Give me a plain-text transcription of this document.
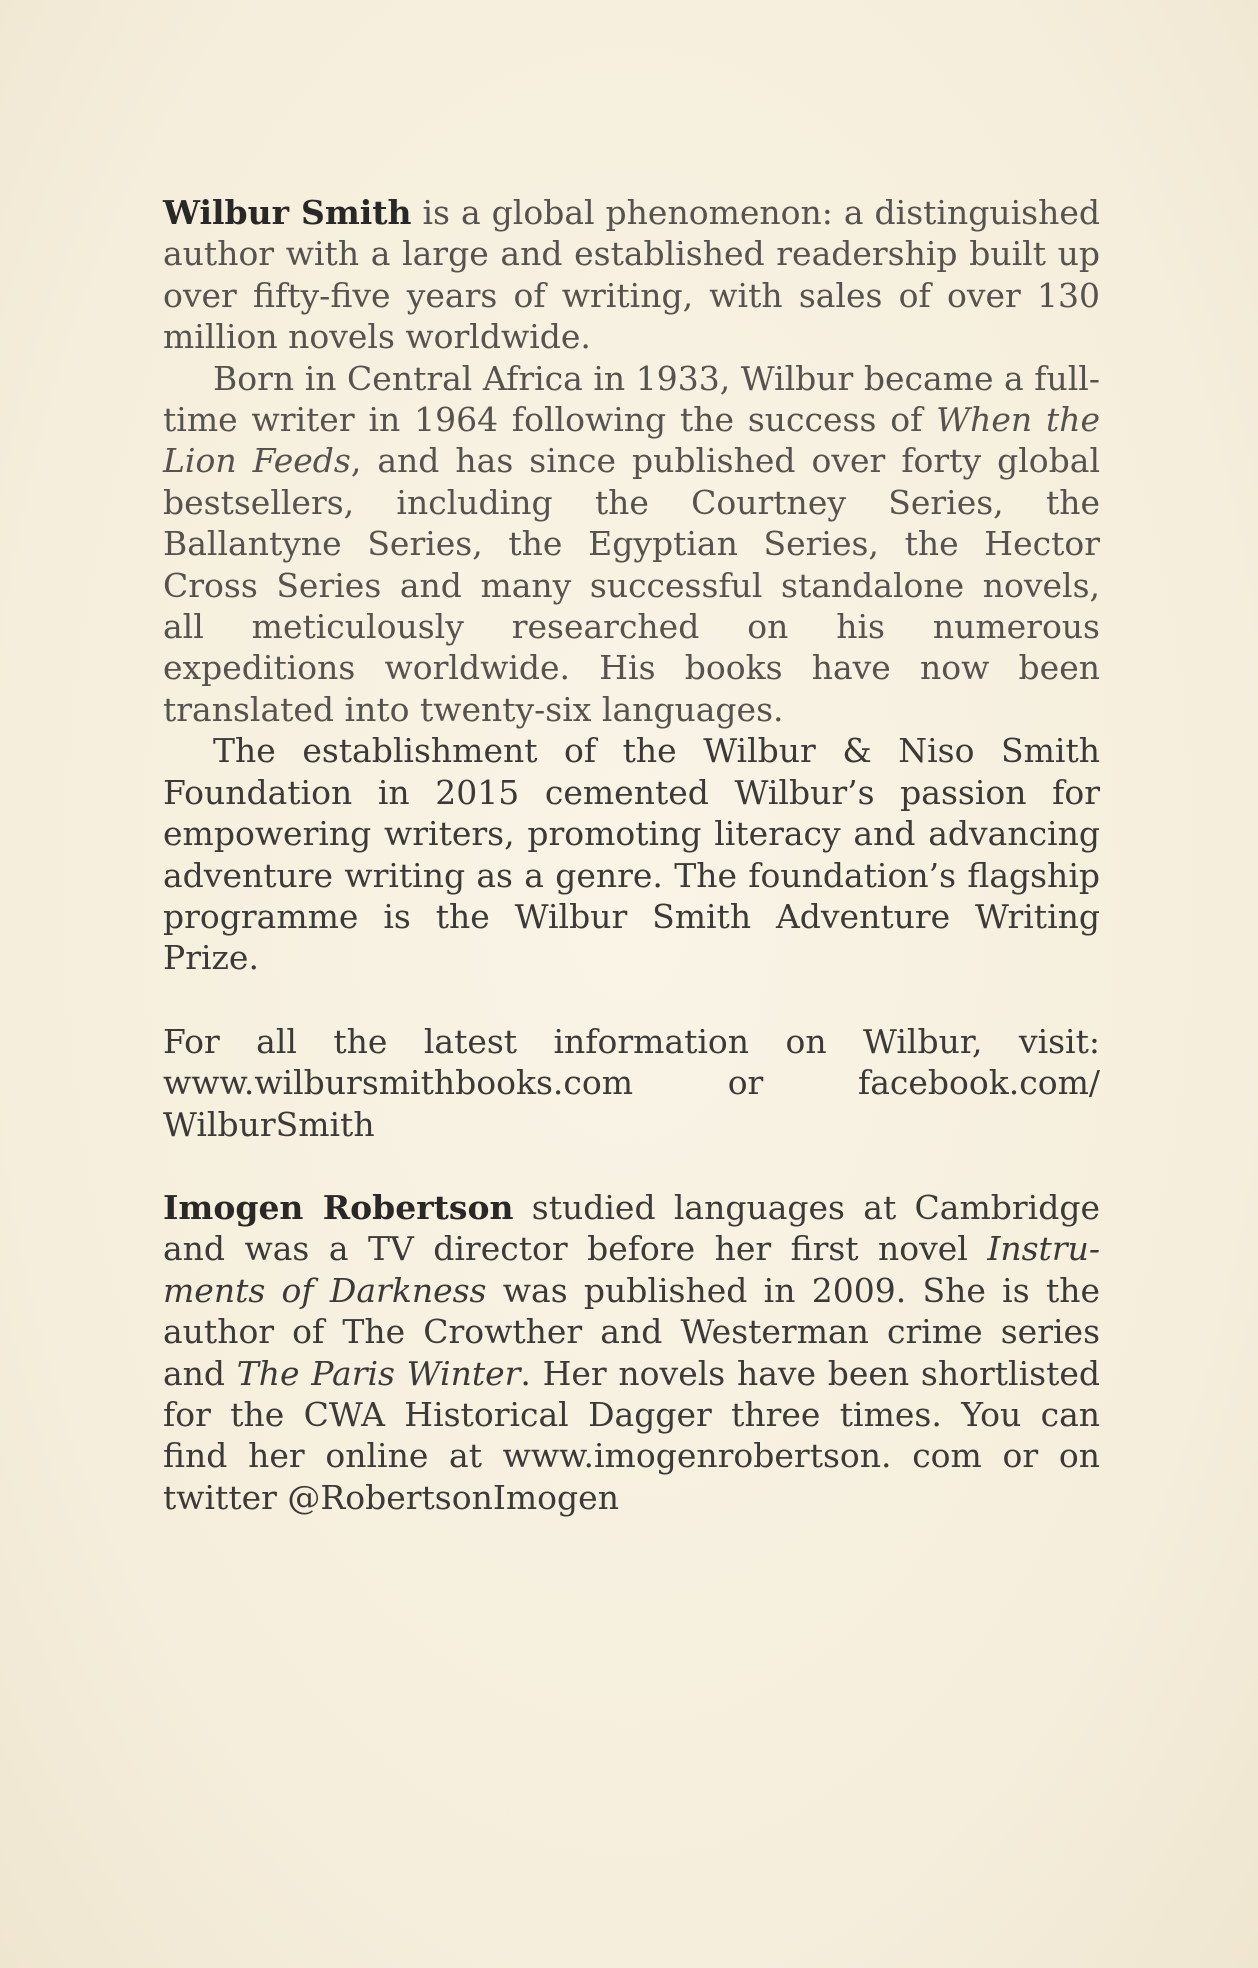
Wilbur Smith is a global phenomenon: a distinguished author with a large and established readership built up over fifty-five years of writing, with sales of over 130 million novels worldwide.

Born in Central Africa in 1933, Wilbur became a full-time writer in 1964 following the success of When the Lion Feeds, and has since published over forty global bestsellers, including the Courtney Series, the Ballantyne Series, the Egyptian Series, the Hector Cross Series and many successful standalone novels, all meticulously researched on his numerous expeditions worldwide. His books have now been translated into twenty-six languages.

The establishment of the Wilbur & Niso Smith Foundation in 2015 cemented Wilbur’s passion for empowering writers, promoting literacy and advancing adventure writing as a genre. The foundation’s flagship programme is the Wilbur Smith Adventure Writing Prize.

For all the latest information on Wilbur, visit: www.wilbursmithbooks.com or facebook.com/ WilburSmith

Imogen Robertson studied languages at Cambridge and was a TV director before her first novel Instruments of Darkness was published in 2009. She is the author of The Crowther and Westerman crime series and The Paris Winter. Her novels have been shortlisted for the CWA Historical Dagger three times. You can find her online at www.imogenrobertson. com or on twitter @RobertsonImogen
